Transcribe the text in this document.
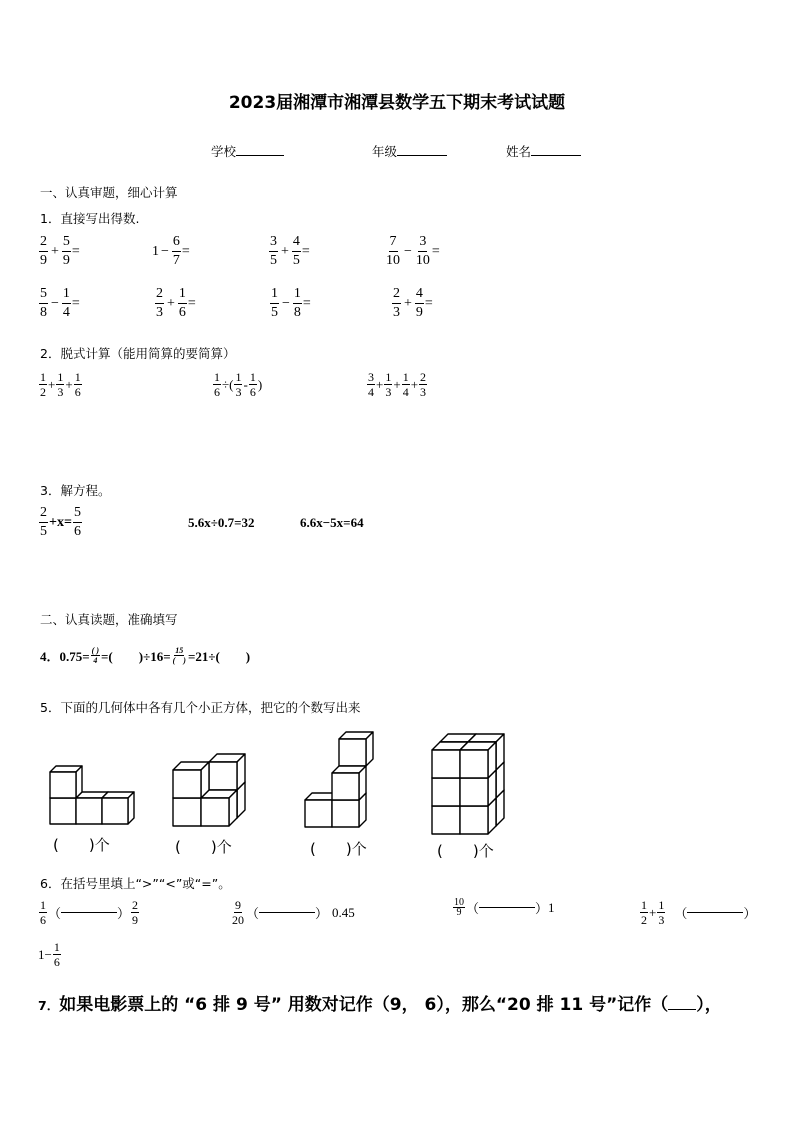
2023届湘潭市湘潭县数学五下期末考试试题
学校	年级	姓名
一、认真审题，细心计算
1．直接写出得数.
$\frac{2}{9} + \frac{5}{9}$ =	$1 - \frac{6}{7}$ =	$\frac{3}{5} + \frac{4}{5}$ =	$\frac{7}{10} - \frac{3}{10}$ =
$\frac{5}{8} - \frac{1}{4}$ =	$\frac{2}{3} + \frac{1}{6}$ =	$\frac{1}{5} - \frac{1}{8}$ =	$\frac{2}{3} + \frac{4}{9}$ =
2．脱式计算（能用简算的要简算）
$\frac{1}{2} + \frac{1}{3} + \frac{1}{6}$	$\frac{1}{6}$ ÷( $\frac{1}{3} - \frac{1}{6}$ )	$\frac{3}{4} + \frac{1}{3} + \frac{1}{4} + \frac{2}{3}$
3．解方程。
$\frac{2}{5} +x= \frac{5}{6}$	5.6x÷0.7=32	6.6x−5x=64
二、认真读题，准确填写
4．$0.75= \frac{( )}{4}$ =(　　)$\div 16= \frac{15}{( )} =21\div$(　　)
5．下面的几何体中各有几个小正方体，把它的个数写出来
(　　)个	(　　)个	(　　)个	(　　)个
6．在括号里填上“>”“<”或“=”。
$\frac{1}{6}$ （	） $\frac{2}{9}$	$\frac{9}{20}$ （	） 0.45	$\frac{10}{9}$ （	） 1	$\frac{1}{2} + \frac{1}{3}$ （	）
$1- \frac{1}{6}$
7．如果电影票上的 “6 排 9 号” 用数对记作（9， 6），那么“20 排 11 号”记作（ ），
